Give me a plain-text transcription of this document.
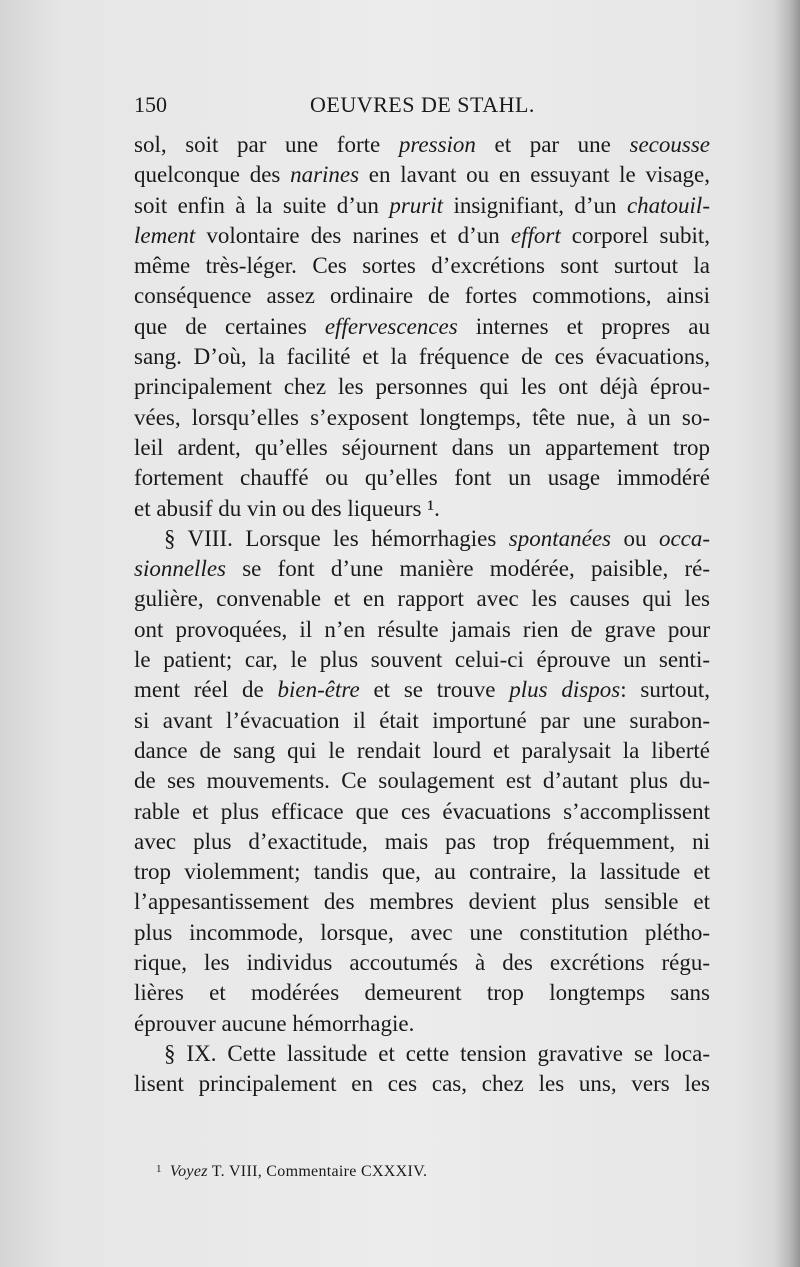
150	OEUVRES DE STAHL.
sol, soit par une forte pression et par une secousse
quelconque des narines en lavant ou en essuyant le visage,
soit enfin à la suite d’un prurit insignifiant, d’un chatouil-
lement volontaire des narines et d’un effort corporel subit,
même très-léger. Ces sortes d’excrétions sont surtout la
conséquence assez ordinaire de fortes commotions, ainsi
que de certaines effervescences internes et propres au
sang. D’où, la facilité et la fréquence de ces évacuations,
principalement chez les personnes qui les ont déjà éprou-
vées, lorsqu’elles s’exposent longtemps, tête nue, à un so-
leil ardent, qu’elles séjournent dans un appartement trop
fortement chauffé ou qu’elles font un usage immodéré
et abusif du vin ou des liqueurs ¹.
§ VIII. Lorsque les hémorrhagies spontanées ou occa-
sionnelles se font d’une manière modérée, paisible, ré-
gulière, convenable et en rapport avec les causes qui les
ont provoquées, il n’en résulte jamais rien de grave pour
le patient; car, le plus souvent celui-ci éprouve un senti-
ment réel de bien-être et se trouve plus dispos: surtout,
si avant l’évacuation il était importuné par une surabon-
dance de sang qui le rendait lourd et paralysait la liberté
de ses mouvements. Ce soulagement est d’autant plus du-
rable et plus efficace que ces évacuations s’accomplissent
avec plus d’exactitude, mais pas trop fréquemment, ni
trop violemment; tandis que, au contraire, la lassitude et
l’appesantissement des membres devient plus sensible et
plus incommode, lorsque, avec une constitution plétho-
rique, les individus accoutumés à des excrétions régu-
lières et modérées demeurent trop longtemps sans
éprouver aucune hémorrhagie.
§ IX. Cette lassitude et cette tension gravative se loca-
lisent principalement en ces cas, chez les uns, vers les
$^1$ Voyez T. VIII, Commentaire CXXXIV.
